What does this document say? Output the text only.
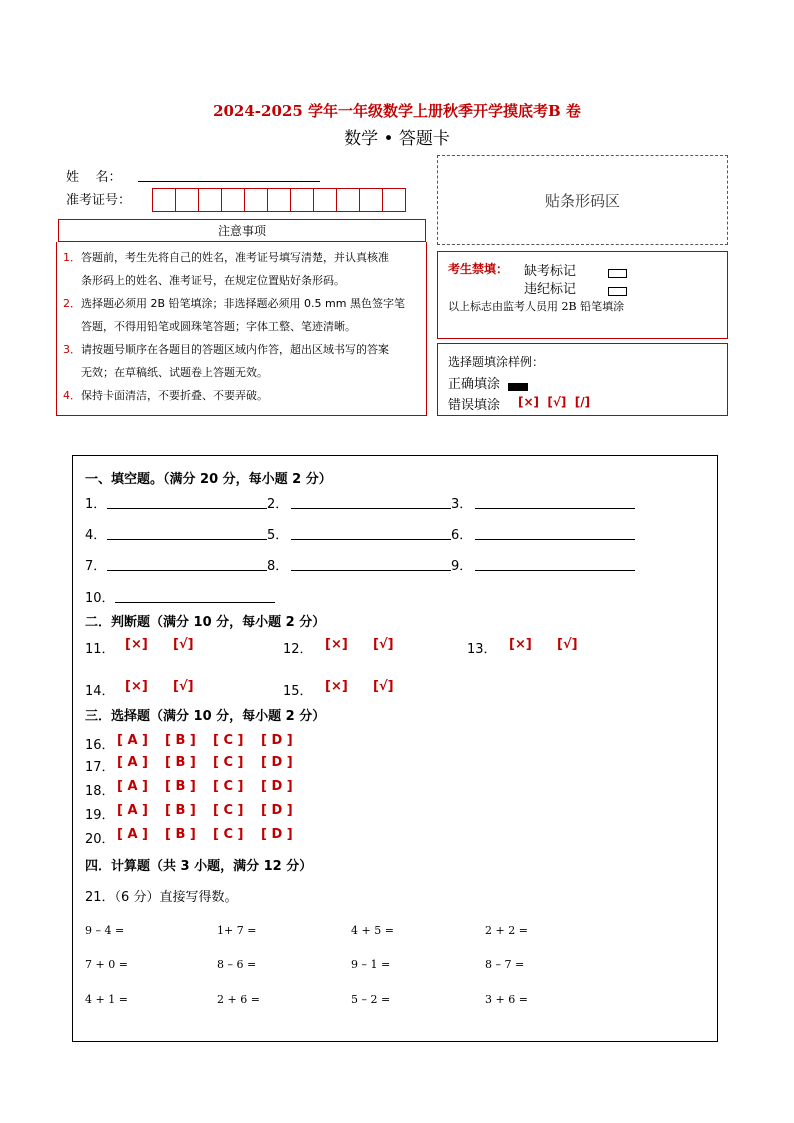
2024-2025 学年一年级数学上册秋季开学摸底考B 卷
数学 • 答题卡
姓    名：
准考证号：	贴条形码区
注意事项
1．答题前，考生先将自己的姓名，准考证号填写清楚，并认真核准
条形码上的姓名、准考证号，在规定位置贴好条形码。
2．选择题必须用 2B 铅笔填涂；非选择题必须用 0.5 mm 黑色签字笔
答题，不得用铅笔或圆珠笔答题；字体工整、笔迹清晰。
3．请按题号顺序在各题目的答题区域内作答，超出区域书写的答案
无效；在草稿纸、试题卷上答题无效。
4．保持卡面清洁，不要折叠、不要弄破。
考生禁填： 缺考标记
违纪标记
以上标志由监考人员用 2B 铅笔填涂
选择题填涂样例：
正确填涂
错误填涂 [×]  [√]  [/]
一、填空题。（满分 20 分，每小题 2 分）
1．	2．	3．
4．	5．	6．
7．	8．	9．
10．
二．判断题（满分 10 分，每小题 2 分）
11． [×] [√]	12． [×] [√]	13． [×] [√]
14． [×] [√]	15． [×] [√]
三．选择题（满分 10 分，每小题 2 分）
16． [ A ] [ B ] [ C ] [ D ]
17． [ A ] [ B ] [ C ] [ D ]
18． [ A ] [ B ] [ C ] [ D ]
19． [ A ] [ B ] [ C ] [ D ]
20． [ A ] [ B ] [ C ] [ D ]
四．计算题（共 3 小题，满分 12 分）
21．（6 分）直接写得数。
9 – 4 =	1+ 7 =	4 + 5 =	2 + 2 =
7 + 0 =	8 – 6 =	9 – 1 =	8 – 7 =
4 + 1 =	2 + 6 =	5 – 2 =	3 + 6 =
